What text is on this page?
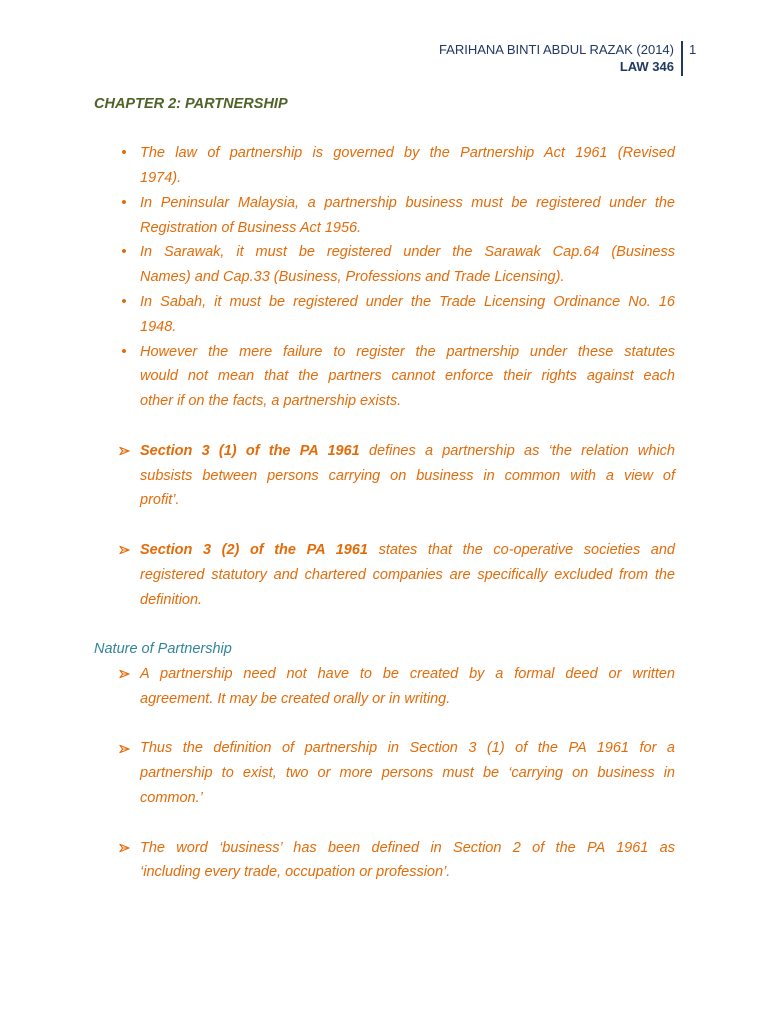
FARIHANA BINTI ABDUL RAZAK (2014)
LAW 346
1
CHAPTER 2: PARTNERSHIP
• The law of partnership is governed by the Partnership Act 1961 (Revised
1974).
• In Peninsular Malaysia, a partnership business must be registered under the
Registration of Business Act 1956.
• In Sarawak, it must be registered under the Sarawak Cap.64 (Business
Names) and Cap.33 (Business, Professions and Trade Licensing).
• In Sabah, it must be registered under the Trade Licensing Ordinance No. 16
1948.
• However the mere failure to register the partnership under these statutes
would not mean that the partners cannot enforce their rights against each
other if on the facts, a partnership exists.
Section 3 (1) of the PA 1961 defines a partnership as ‘the relation which
subsists between persons carrying on business in common with a view of
profit’.
Section 3 (2) of the PA 1961 states that the co-operative societies and
registered statutory and chartered companies are specifically excluded from the
definition.
Nature of Partnership
A partnership need not have to be created by a formal deed or written
agreement. It may be created orally or in writing.
Thus the definition of partnership in Section 3 (1) of the PA 1961 for a
partnership to exist, two or more persons must be ‘carrying on business in
common.’
The word ‘business’ has been defined in Section 2 of the PA 1961 as
‘including every trade, occupation or profession’.
